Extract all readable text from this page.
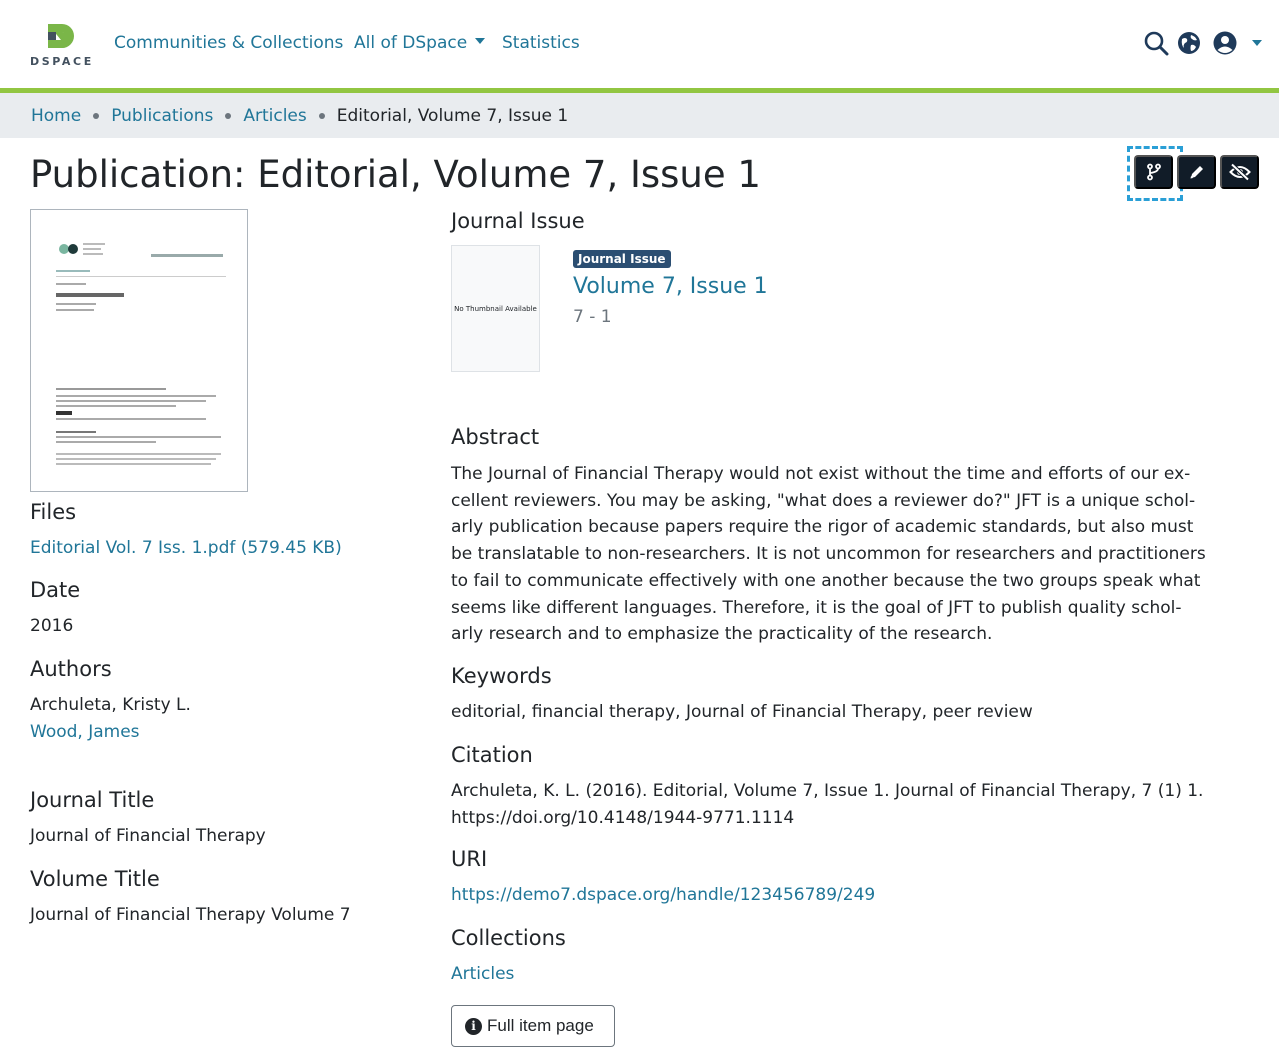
DSPACE
Communities & Collections All of DSpace	Statistics
Home Publications Articles Editorial, Volume 7, Issue 1
Publication: Editorial, Volume 7, Issue 1
Files
Editorial Vol. 7 Iss. 1.pdf (579.45 KB)
Date
2016
Authors
Archuleta, Kristy L.
Wood, James
Journal Title
Journal of Financial Therapy
Volume Title
Journal of Financial Therapy Volume 7
Journal Issue
No Thumbnail Available
Journal Issue
Volume 7, Issue 1
7 - 1
Abstract
The Journal of Financial Therapy would not exist without the time and efforts of our ex-
cellent reviewers. You may be asking, "what does a reviewer do?" JFT is a unique schol-
arly publication because papers require the rigor of academic standards, but also must
be translatable to non-researchers. It is not uncommon for researchers and practitioners
to fail to communicate effectively with one another because the two groups speak what
seems like different languages. Therefore, it is the goal of JFT to publish quality schol-
arly research and to emphasize the practicality of the research.
Keywords
editorial, financial therapy, Journal of Financial Therapy, peer review
Citation
Archuleta, K. L. (2016). Editorial, Volume 7, Issue 1. Journal of Financial Therapy, 7 (1) 1.
https://doi.org/10.4148/1944-9771.1114
URI
https://demo7.dspace.org/handle/123456789/249
Collections
Articles
i Full item page
